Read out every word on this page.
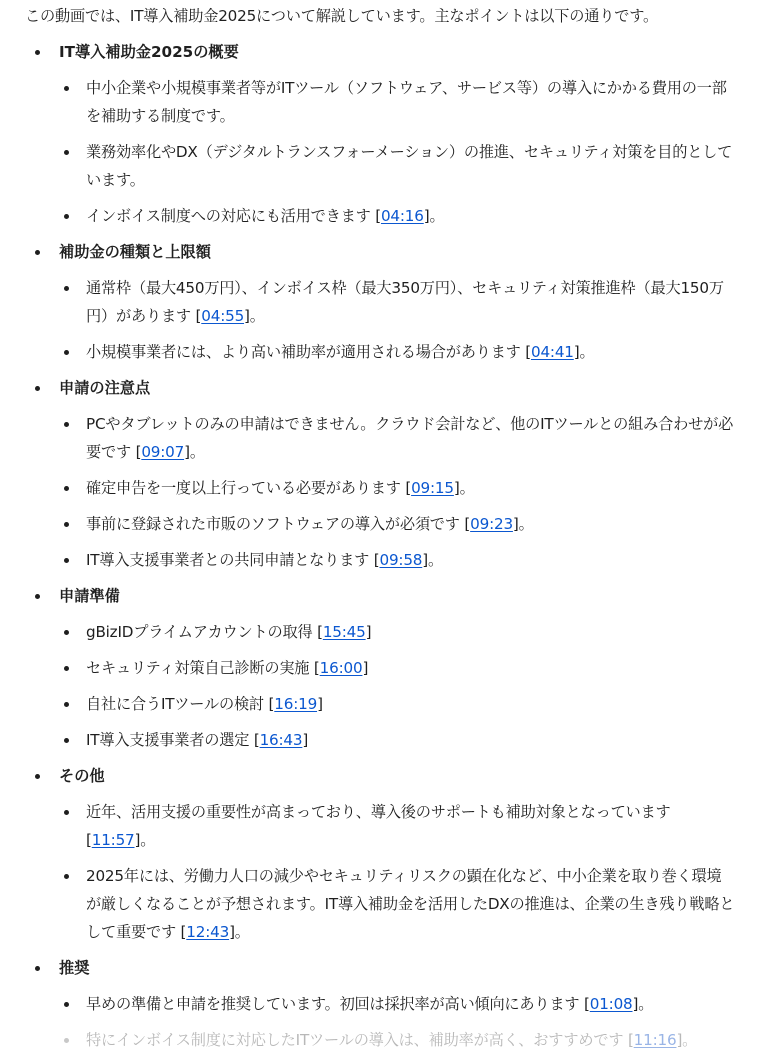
この動画では、IT導入補助金2025について解説しています。主なポイントは以下の通りです。

IT導入補助金2025の概要
中小企業や小規模事業者等がITツール（ソフトウェア、サービス等）の導入にかかる費用の一部を補助する制度です。
業務効率化やDX（デジタルトランスフォーメーション）の推進、セキュリティ対策を目的としています。
インボイス制度への対応にも活用できます [04:16]。
補助金の種類と上限額
通常枠（最大450万円）、インボイス枠（最大350万円）、セキュリティ対策推進枠（最大150万円）があります [04:55]。
小規模事業者には、より高い補助率が適用される場合があります [04:41]。
申請の注意点
PCやタブレットのみの申請はできません。クラウド会計など、他のITツールとの組み合わせが必要です [09:07]。
確定申告を一度以上行っている必要があります [09:15]。
事前に登録された市販のソフトウェアの導入が必須です [09:23]。
IT導入支援事業者との共同申請となります [09:58]。
申請準備
gBizIDプライムアカウントの取得 [15:45]
セキュリティ対策自己診断の実施 [16:00]
自社に合うITツールの検討 [16:19]
IT導入支援事業者の選定 [16:43]
その他
近年、活用支援の重要性が高まっており、導入後のサポートも補助対象となっています [11:57]。
2025年には、労働力人口の減少やセキュリティリスクの顕在化など、中小企業を取り巻く環境が厳しくなることが予想されます。IT導入補助金を活用したDXの推進は、企業の生き残り戦略として重要です [12:43]。
推奨
早めの準備と申請を推奨しています。初回は採択率が高い傾向にあります [01:08]。
特にインボイス制度に対応したITツールの導入は、補助率が高く、おすすめです [11:16]。
